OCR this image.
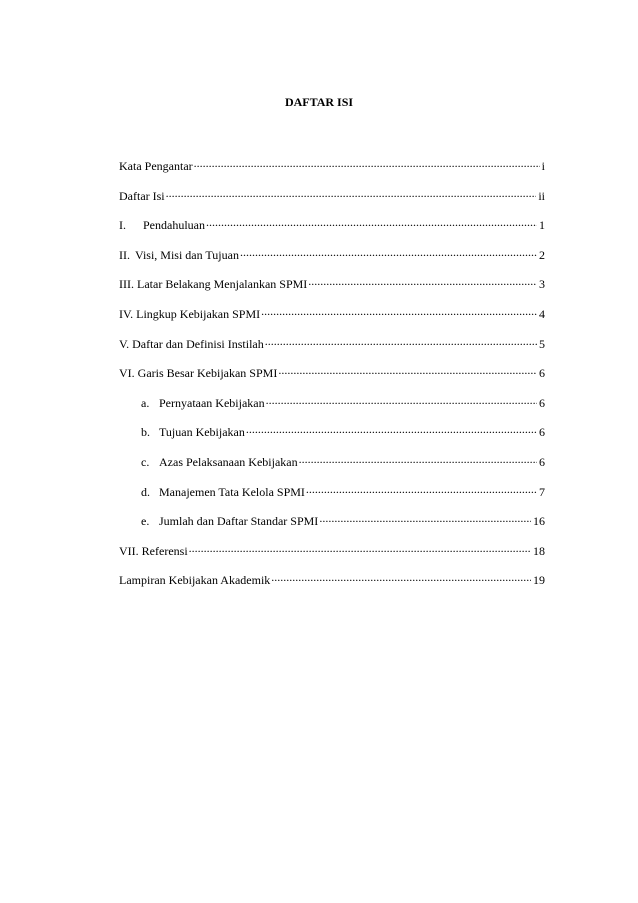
DAFTAR ISI
Kata Pengantar .....	i
Daftar Isi .....	ii
I.	Pendahuluan .....	1
II. Visi, Misi dan Tujuan .....	2
III. Latar Belakang Menjalankan SPMI .....	3
IV. Lingkup Kebijakan SPMI .....	4
V. Daftar dan Definisi Instilah .....	5
VI. Garis Besar Kebijakan SPMI .....	6
a. Pernyataan Kebijakan .....	6
b. Tujuan Kebijakan .....	6
c. Azas Pelaksanaan Kebijakan .....	6
d. Manajemen Tata Kelola SPMI .....	7
e. Jumlah dan Daftar Standar SPMI .....	16
VII. Referensi .....	18
Lampiran Kebijakan Akademik .....	19
